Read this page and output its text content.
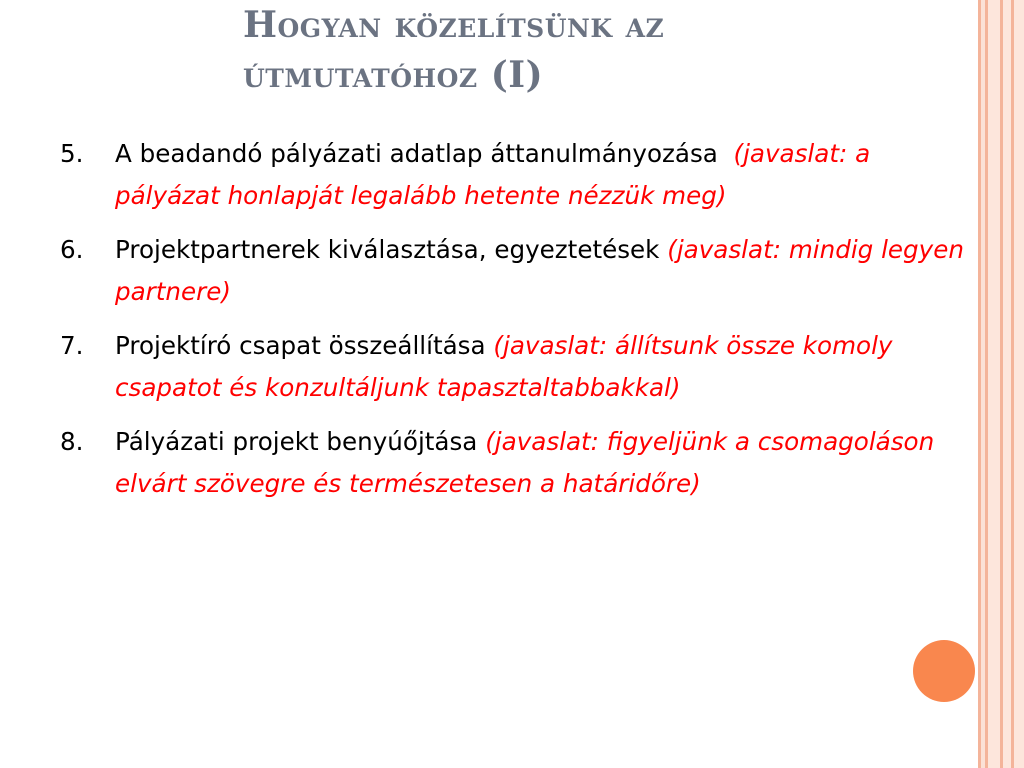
Hogyan közelítsünk az
útmutatóhoz (I)
5. A beadandó pályázati adatlap áttanulmányozása (javaslat: a pályázat honlapját legalább hetente nézzük meg)
6. Projektpartnerek kiválasztása, egyeztetések (javaslat: mindig legyen partnere)
7. Projektíró csapat összeállítása (javaslat: állítsunk össze komoly csapatot és konzultáljunk tapasztaltabbakkal)
8. Pályázati projekt benyúőjtása (javaslat: figyeljünk a csomagoláson elvárt szövegre és természetesen a határidőre)
